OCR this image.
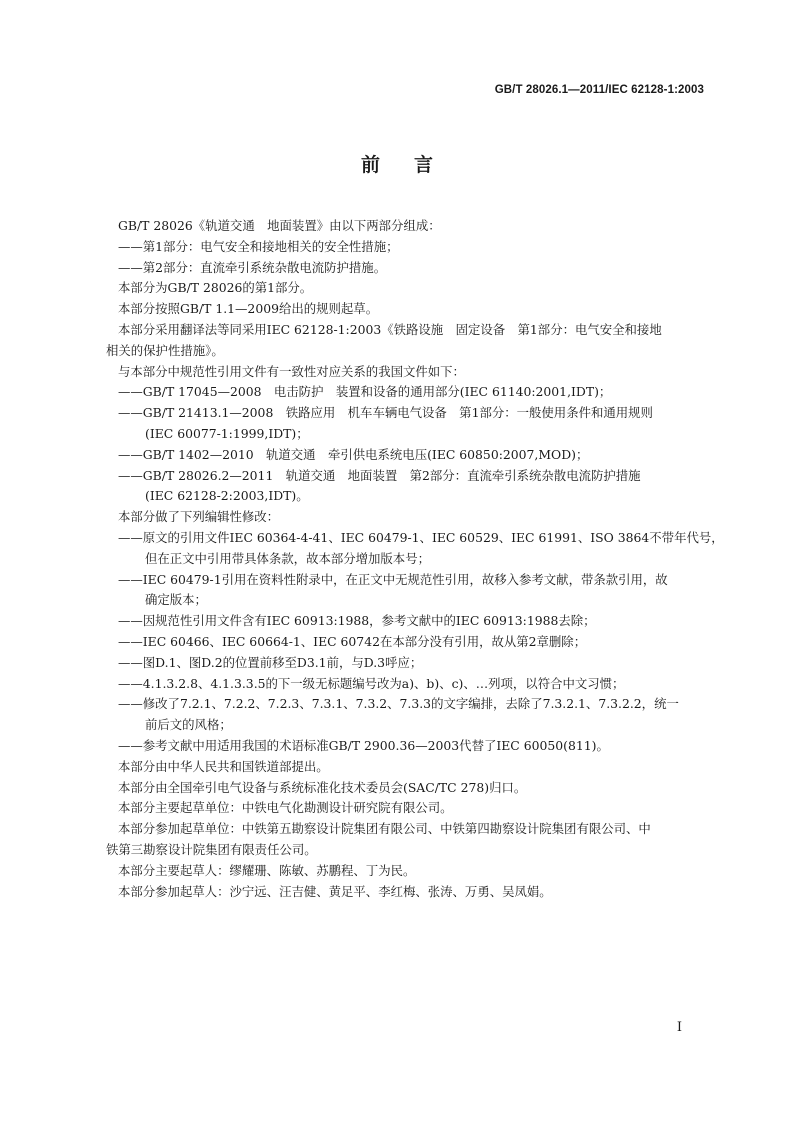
GB/T 28026.1—2011/IEC 62128-1:2003
前言
GB/T 28026《轨道交通　地面装置》由以下两部分组成：
——第1部分：电气安全和接地相关的安全性措施；
——第2部分：直流牵引系统杂散电流防护措施。
本部分为GB/T 28026的第1部分。
本部分按照GB/T 1.1—2009给出的规则起草。
本部分采用翻译法等同采用IEC 62128-1:2003《铁路设施　固定设备　第1部分：电气安全和接地
相关的保护性措施》。
与本部分中规范性引用文件有一致性对应关系的我国文件如下：
——GB/T 17045—2008　电击防护　装置和设备的通用部分(IEC 61140:2001,IDT)；
——GB/T 21413.1—2008　铁路应用　机车车辆电气设备　第1部分：一般使用条件和通用规则
(IEC 60077-1:1999,IDT)；
——GB/T 1402—2010　轨道交通　牵引供电系统电压(IEC 60850:2007,MOD)；
——GB/T 28026.2—2011　轨道交通　地面装置　第2部分：直流牵引系统杂散电流防护措施
(IEC 62128-2:2003,IDT)。
本部分做了下列编辑性修改：
——原文的引用文件IEC 60364-4-41、IEC 60479-1、IEC 60529、IEC 61991、ISO 3864不带年代号，
但在正文中引用带具体条款，故本部分增加版本号；
——IEC 60479-1引用在资料性附录中，在正文中无规范性引用，故移入参考文献，带条款引用，故
确定版本；
——因规范性引用文件含有IEC 60913:1988，参考文献中的IEC 60913:1988去除；
——IEC 60466、IEC 60664-1、IEC 60742在本部分没有引用，故从第2章删除；
——图D.1、图D.2的位置前移至D3.1前，与D.3呼应；
——4.1.3.2.8、4.1.3.3.5的下一级无标题编号改为a)、b)、c)、…列项，以符合中文习惯；
——修改了7.2.1、7.2.2、7.2.3、7.3.1、7.3.2、7.3.3的文字编排，去除了7.3.2.1、7.3.2.2，统一
前后文的风格；
——参考文献中用适用我国的术语标准GB/T 2900.36—2003代替了IEC 60050(811)。
本部分由中华人民共和国铁道部提出。
本部分由全国牵引电气设备与系统标准化技术委员会(SAC/TC 278)归口。
本部分主要起草单位：中铁电气化勘测设计研究院有限公司。
本部分参加起草单位：中铁第五勘察设计院集团有限公司、中铁第四勘察设计院集团有限公司、中
铁第三勘察设计院集团有限责任公司。
本部分主要起草人：缪耀珊、陈敏、苏鹏程、丁为民。
本部分参加起草人：沙宁远、汪吉健、黄足平、李红梅、张涛、万勇、吴凤娟。
I
